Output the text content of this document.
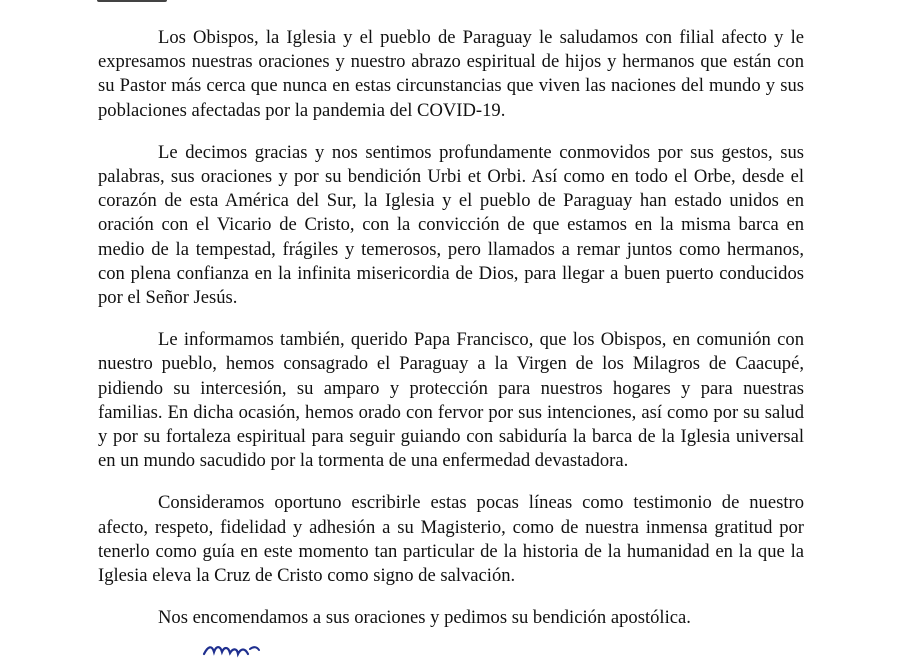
Los Obispos, la Iglesia y el pueblo de Paraguay le saludamos con filial afecto y le expresamos nuestras oraciones y nuestro abrazo espiritual de hijos y hermanos que están con su Pastor más cerca que nunca en estas circunstancias que viven las naciones del mundo y sus poblaciones afectadas por la pandemia del COVID-19.

Le decimos gracias y nos sentimos profundamente conmovidos por sus gestos, sus palabras, sus oraciones y por su bendición Urbi et Orbi. Así como en todo el Orbe, desde el corazón de esta América del Sur, la Iglesia y el pueblo de Paraguay han estado unidos en oración con el Vicario de Cristo, con la convicción de que estamos en la misma barca en medio de la tempestad, frágiles y temerosos, pero llamados a remar juntos como hermanos, con plena confianza en la infinita misericordia de Dios, para llegar a buen puerto conducidos por el Señor Jesús.

Le informamos también, querido Papa Francisco, que los Obispos, en comunión con nuestro pueblo, hemos consagrado el Paraguay a la Virgen de los Milagros de Caacupé, pidiendo su intercesión, su amparo y protección para nuestros hogares y para nuestras familias. En dicha ocasión, hemos orado con fervor por sus intenciones, así como por su salud y por su fortaleza espiritual para seguir guiando con sabiduría la barca de la Iglesia universal en un mundo sacudido por la tormenta de una enfermedad devastadora.

Consideramos oportuno escribirle estas pocas líneas como testimonio de nuestro afecto, respeto, fidelidad y adhesión a su Magisterio, como de nuestra inmensa gratitud por tenerlo como guía en este momento tan particular de la historia de la humanidad en la que la Iglesia eleva la Cruz de Cristo como signo de salvación.

Nos encomendamos a sus oraciones y pedimos su bendición apostólica.
